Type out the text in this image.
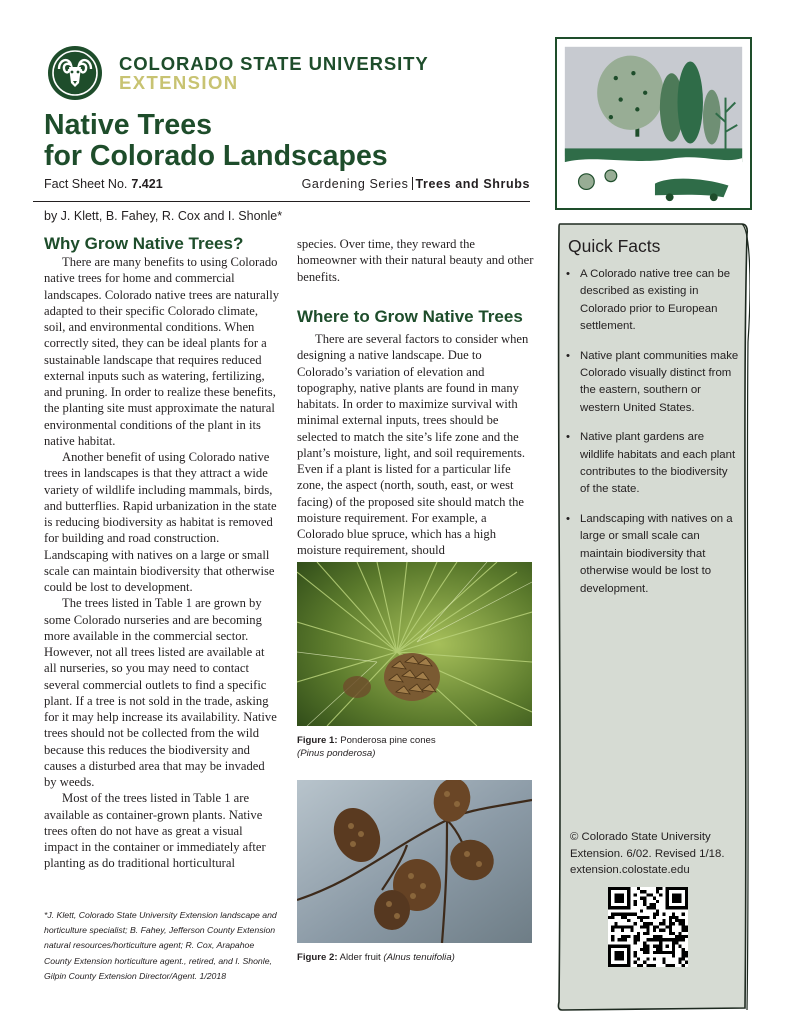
COLORADO STATE UNIVERSITY
EXTENSION
Native Trees
for Colorado Landscapes
Fact Sheet No. 7.421	Gardening Series Trees and Shrubs
by J. Klett, B. Fahey, R. Cox and I. Shonle*
Why Grow Native Trees?

There are many benefits to using Colorado native trees for home and commercial landscapes. Colorado native trees are naturally adapted to their specific Colorado climate, soil, and environmental conditions. When correctly sited, they can be ideal plants for a sustainable landscape that requires reduced external inputs such as watering, fertilizing, and pruning. In order to realize these benefits, the planting site must approximate the natural environmental conditions of the plant in its native habitat.

Another benefit of using Colorado native trees in landscapes is that they attract a wide variety of wildlife including mammals, birds, and butterflies. Rapid urbanization in the state is reducing biodiversity as habitat is removed for building and road construction. Landscaping with natives on a large or small scale can maintain biodiversity that otherwise could be lost to development.

The trees listed in Table 1 are grown by some Colorado nurseries and are becoming more available in the commercial sector. However, not all trees listed are available at all nurseries, so you may need to contact several commercial outlets to find a specific plant. If a tree is not sold in the trade, asking for it may help increase its availability. Native trees should not be collected from the wild because this reduces the biodiversity and causes a disturbed area that may be invaded by weeds.

Most of the trees listed in Table 1 are available as container-grown plants. Native trees often do not have as great a visual impact in the container or immediately after planting as do traditional horticultural

*J. Klett, Colorado State University Extension landscape and horticulture specialist; B. Fahey, Jefferson County Extension natural resources/horticulture agent; R. Cox, Arapahoe County Extension horticulture agent., retired, and I. Shonle, Gilpin County Extension Director/Agent. 1/2018

species. Over time, they reward the homeowner with their natural beauty and other benefits.

Where to Grow Native Trees

There are several factors to consider when designing a native landscape. Due to Colorado’s variation of elevation and topography, native plants are found in many habitats. In order to maximize survival with minimal external inputs, trees should be selected to match the site’s life zone and the plant’s moisture, light, and soil requirements. Even if a plant is listed for a particular life zone, the aspect (north, south, east, or west facing) of the proposed site should match the moisture requirement. For example, a Colorado blue spruce, which has a high moisture requirement, should

Figure 1: Ponderosa pine cones
(Pinus ponderosa)
Figure 2: Alder fruit (Alnus tenuifolia)
Quick Facts
• A Colorado native tree can be described as existing in Colorado prior to European settlement.
• Native plant communities make Colorado visually distinct from the eastern, southern or western United States.
• Native plant gardens are wildlife habitats and each plant contributes to the biodiversity of the state.
• Landscaping with natives on a large or small scale can maintain biodiversity that otherwise would be lost to development.
© Colorado State University Extension. 6/02. Revised 1/18.
extension.colostate.edu
